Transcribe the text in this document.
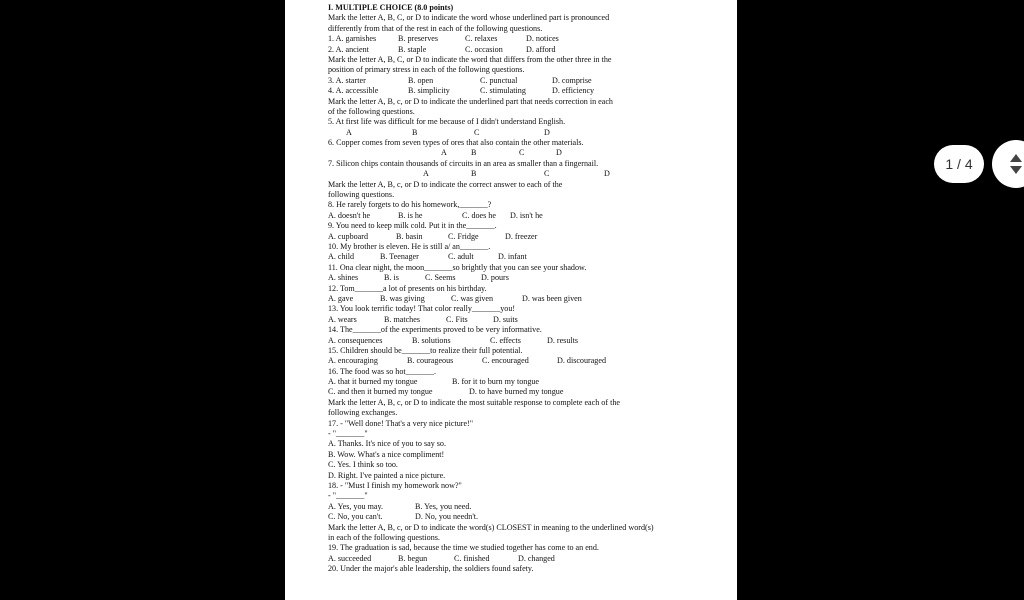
I. MULTIPLE CHOICE (8.0 points)
Mark the letter A, B, C, or D to indicate the word whose underlined part is pronounced
differently from that of the rest in each of the following questions.
1. A. garnishes	B. preserves	C. relaxes	D. notices
2. A. ancient	B. staple	C. occasion	D. afford
Mark the letter A, B, C, or D to indicate the word that differs from the other three in the
position of primary stress in each of the following questions.
3. A. starter	B. open	C. punctual	D. comprise
4. A. accessible	B. simplicity	C. stimulating	D. efficiency
Mark the letter A, B, c, or D to indicate the underlined part that needs correction in each
of the following questions.
5. At first life was difficult for me because of I didn't understand English.
A	B	C	D
6. Copper comes from seven types of ores that also contain the other materials.
A	B	C	D
7. Silicon chips contain thousands of circuits in an area as smaller than a fingernail.
A	B	C	D
Mark the letter A, B, c, or D to indicate the correct answer to each of the
following questions.
8. He rarely forgets to do his homework,_______?
A. doesn't he	B. is he	C. does he D. isn't he
9. You need to keep milk cold. Put it in the_______.
A. cupboard	B. basin	C. Fridge	D. freezer
10. My brother is eleven. He is still a/ an_______.
A. child	B. Teenager	C. adult	D. infant
11. Ona clear night, the moon_______so brightly that you can see your shadow.
A. shines	B. is	C. Seems	D. pours
12. Tom_______a lot of presents on his birthday.
A. gave	B. was giving	C. was given	D. was been given
13. You look terrific today! That color really_______you!
A. wears	B. matches	C. Fits	D. suits
14. The_______of the experiments proved to be very informative.
A. consequences	B. solutions	C. effects	D. results
15. Children should be_______to realize their full potential.
A. encouraging	B. courageous	C. encouraged	D. discouraged
16. The food was so hot_______.
A. that it burned my tongue	B. for it to burn my tongue
C. and then it burned my tongue	D. to have burned my tongue
Mark the letter A, B, c, or D to indicate the most suitable response to complete each of the
following exchanges.
17. - "Well done! That's a very nice picture!"
- "_______"
A. Thanks. It's nice of you to say so.
B. Wow. What's a nice compliment!
C. Yes. I think so too.
D. Right. I've painted a nice picture.
18. - "Must I finish my homework now?"
- "_______"
A. Yes, you may.	B. Yes, you need.
C. No, you can't.	D. No, you needn't.
Mark the letter A, B, c, or D to indicate the word(s) CLOSEST in meaning to the underlined word(s)
in each of the following questions.
19. The graduation is sad, because the time we studied together has come to an end.
A. succeeded	B. begun	C. finished	D. changed
20. Under the major's able leadership, the soldiers found safety.
1 / 4
